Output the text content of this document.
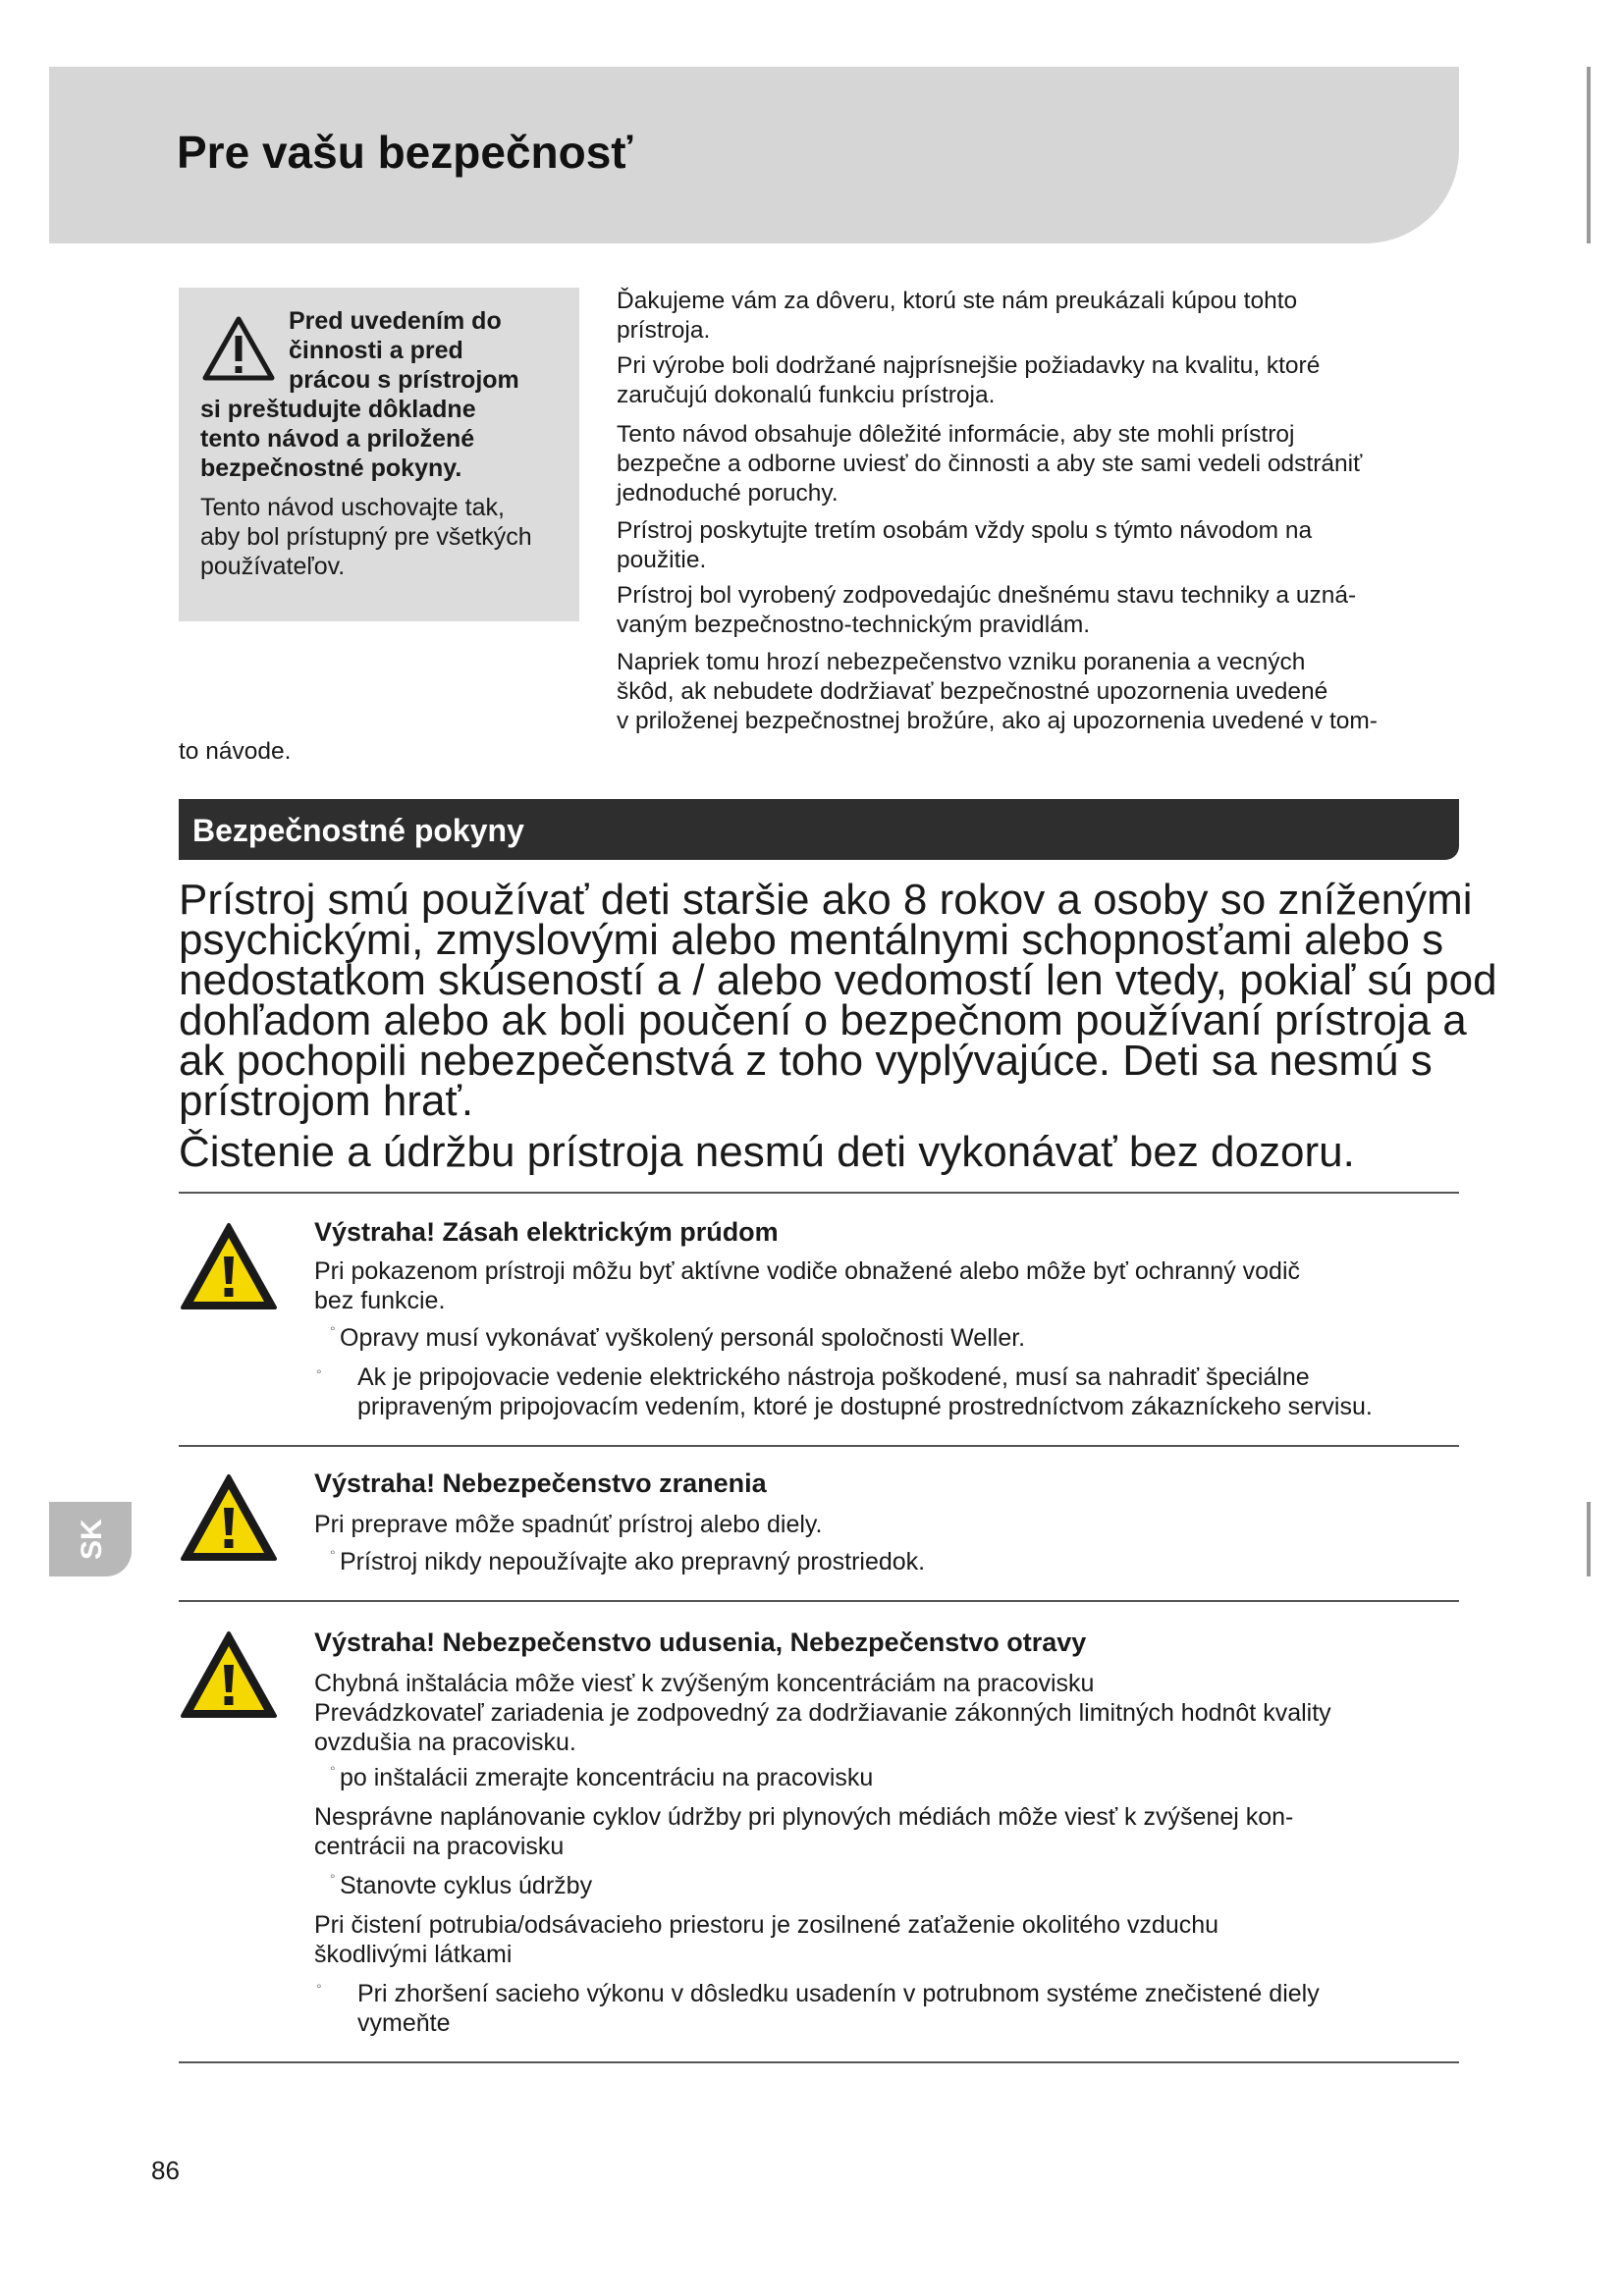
Pre vašu bezpečnosť
Pred uvedením do
činnosti a pred
prácou s prístrojom
si preštudujte dôkladne
tento návod a priložené
bezpečnostné pokyny.
Tento návod uschovajte tak,
aby bol prístupný pre všetkých
používateľov.
Ďakujeme vám za dôveru, ktorú ste nám preukázali kúpou tohto
prístroja.
Pri výrobe boli dodržané najprísnejšie požiadavky na kvalitu, ktoré
zaručujú dokonalú funkciu prístroja.
Tento návod obsahuje dôležité informácie, aby ste mohli prístroj
bezpečne a odborne uviesť do činnosti a aby ste sami vedeli odstrániť
jednoduché poruchy.
Prístroj poskytujte tretím osobám vždy spolu s týmto návodom na
použitie.
Prístroj bol vyrobený zodpovedajúc dnešnému stavu techniky a uzná-
vaným bezpečnostno-technickým pravidlám.
Napriek tomu hrozí nebezpečenstvo vzniku poranenia a vecných
škôd, ak nebudete dodržiavať bezpečnostné upozornenia uvedené
v priloženej bezpečnostnej brožúre, ako aj upozornenia uvedené v tom-
to návode.
Bezpečnostné pokyny
Prístroj smú používať deti staršie ako 8 rokov a osoby so zníženými
psychickými, zmyslovými alebo mentálnymi schopnosťami alebo s
nedostatkom skúseností a / alebo vedomostí len vtedy, pokiaľ sú pod
dohľadom alebo ak boli poučení o bezpečnom používaní prístroja a
ak pochopili nebezpečenstvá z toho vyplývajúce. Deti sa nesmú s
prístrojom hrať.
Čistenie a údržbu prístroja nesmú deti vykonávať bez dozoru.
Výstraha! Zásah elektrickým prúdom
Pri pokazenom prístroji môžu byť aktívne vodiče obnažené alebo môže byť ochranný vodič
bez funkcie.
° Opravy musí vykonávať vyškolený personál spoločnosti Weller.
° Ak je pripojovacie vedenie elektrického nástroja poškodené, musí sa nahradiť špeciálne
pripraveným pripojovacím vedením, ktoré je dostupné prostredníctvom zákazníckeho servisu.
Výstraha! Nebezpečenstvo zranenia
Pri preprave môže spadnúť prístroj alebo diely.
° Prístroj nikdy nepoužívajte ako prepravný prostriedok.
Výstraha! Nebezpečenstvo udusenia, Nebezpečenstvo otravy
Chybná inštalácia môže viesť k zvýšeným koncentráciám na pracovisku
Prevádzkovateľ zariadenia je zodpovedný za dodržiavanie zákonných limitných hodnôt kvality
ovzdušia na pracovisku.
° po inštalácii zmerajte koncentráciu na pracovisku
Nesprávne naplánovanie cyklov údržby pri plynových médiách môže viesť k zvýšenej kon-
centrácii na pracovisku
° Stanovte cyklus údržby
Pri čistení potrubia/odsávacieho priestoru je zosilnené zaťaženie okolitého vzduchu
škodlivými látkami
° Pri zhoršení sacieho výkonu v dôsledku usadenín v potrubnom systéme znečistené diely
vymeňte
SK
86
